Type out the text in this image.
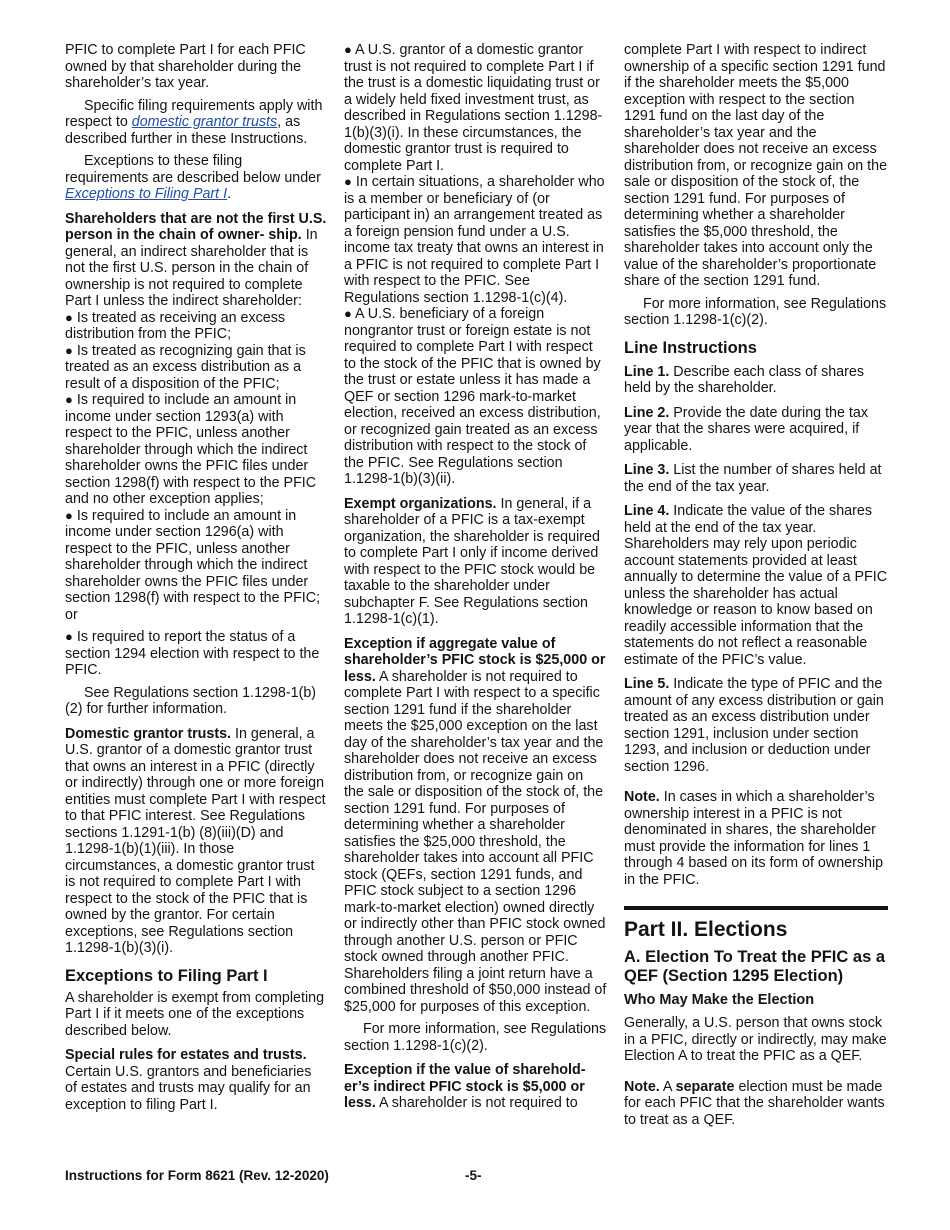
PFIC to complete Part I for each PFIC owned by that shareholder during the shareholder’s tax year.

Specific filing requirements apply with respect to domestic grantor trusts, as described further in these Instructions.

Exceptions to these filing requirements are described below under Exceptions to Filing Part I.

Shareholders that are not the first U.S. person in the chain of owner- ship. In general, an indirect shareholder that is not the first U.S. person in the chain of ownership is not required to complete Part I unless the indirect shareholder:

● Is treated as receiving an excess distribution from the PFIC;

● Is treated as recognizing gain that is treated as an excess distribution as a result of a disposition of the PFIC;

● Is required to include an amount in income under section 1293(a) with respect to the PFIC, unless another shareholder through which the indirect shareholder owns the PFIC files under section 1298(f) with respect to the PFIC and no other exception applies;

● Is required to include an amount in income under section 1296(a) with respect to the PFIC, unless another shareholder through which the indirect shareholder owns the PFIC files under section 1298(f) with respect to the PFIC; or

● Is required to report the status of a section 1294 election with respect to the PFIC.

See Regulations section 1.1298-1(b) (2) for further information.

Domestic grantor trusts. In general, a U.S. grantor of a domestic grantor trust that owns an interest in a PFIC (directly or indirectly) through one or more foreign entities must complete Part I with respect to that PFIC interest. See Regulations sections 1.1291-1(b) (8)(iii)(D) and 1.1298-1(b)(1)(iii). In those circumstances, a domestic grantor trust is not required to complete Part I with respect to the stock of the PFIC that is owned by the grantor. For certain exceptions, see Regulations section 1.1298-1(b)(3)(i).

Exceptions to Filing Part I

A shareholder is exempt from completing Part I if it meets one of the exceptions described below.

Special rules for estates and trusts. Certain U.S. grantors and beneficiaries of estates and trusts may qualify for an exception to filing Part I.

● A U.S. grantor of a domestic grantor trust is not required to complete Part I if the trust is a domestic liquidating trust or a widely held fixed investment trust, as described in Regulations section 1.1298-1(b)(3)(i). In these circumstances, the domestic grantor trust is required to complete Part I.

● In certain situations, a shareholder who is a member or beneficiary of (or participant in) an arrangement treated as a foreign pension fund under a U.S. income tax treaty that owns an interest in a PFIC is not required to complete Part I with respect to the PFIC. See Regulations section 1.1298-1(c)(4).

● A U.S. beneficiary of a foreign nongrantor trust or foreign estate is not required to complete Part I with respect to the stock of the PFIC that is owned by the trust or estate unless it has made a QEF or section 1296 mark-to-market election, received an excess distribution, or recognized gain treated as an excess distribution with respect to the stock of the PFIC. See Regulations section 1.1298-1(b)(3)(ii).

Exempt organizations. In general, if a shareholder of a PFIC is a tax-exempt organization, the shareholder is required to complete Part I only if income derived with respect to the PFIC stock would be taxable to the shareholder under subchapter F. See Regulations section 1.1298-1(c)(1).

Exception if aggregate value of shareholder’s PFIC stock is $25,000 or less. A shareholder is not required to complete Part I with respect to a specific section 1291 fund if the shareholder meets the $25,000 exception on the last day of the shareholder’s tax year and the shareholder does not receive an excess distribution from, or recognize gain on the sale or disposition of the stock of, the section 1291 fund. For purposes of determining whether a shareholder satisfies the $25,000 threshold, the shareholder takes into account all PFIC stock (QEFs, section 1291 funds, and PFIC stock subject to a section 1296 mark-to-market election) owned directly or indirectly other than PFIC stock owned through another U.S. person or PFIC stock owned through another PFIC. Shareholders filing a joint return have a combined threshold of $50,000 instead of $25,000 for purposes of this exception.

For more information, see Regulations section 1.1298-1(c)(2).

Exception if the value of sharehold- er’s indirect PFIC stock is $5,000 or less. A shareholder is not required to

complete Part I with respect to indirect ownership of a specific section 1291 fund if the shareholder meets the $5,000 exception with respect to the section 1291 fund on the last day of the shareholder’s tax year and the shareholder does not receive an excess distribution from, or recognize gain on the sale or disposition of the stock of, the section 1291 fund. For purposes of determining whether a shareholder satisfies the $5,000 threshold, the shareholder takes into account only the value of the shareholder’s proportionate share of the section 1291 fund.

For more information, see Regulations section 1.1298-1(c)(2).

Line Instructions

Line 1. Describe each class of shares held by the shareholder.

Line 2. Provide the date during the tax year that the shares were acquired, if applicable.

Line 3. List the number of shares held at the end of the tax year.

Line 4. Indicate the value of the shares held at the end of the tax year. Shareholders may rely upon periodic account statements provided at least annually to determine the value of a PFIC unless the shareholder has actual knowledge or reason to know based on readily accessible information that the statements do not reflect a reasonable estimate of the PFIC’s value.

Line 5. Indicate the type of PFIC and the amount of any excess distribution or gain treated as an excess distribution under section 1291, inclusion under section 1293, and inclusion or deduction under section 1296.

Note. In cases in which a shareholder’s ownership interest in a PFIC is not denominated in shares, the shareholder must provide the information for lines 1 through 4 based on its form of ownership in the PFIC.

Part II. Elections
A. Election To Treat the PFIC as a QEF (Section 1295 Election)
Who May Make the Election

Generally, a U.S. person that owns stock in a PFIC, directly or indirectly, may make Election A to treat the PFIC as a QEF.

Note. A separate election must be made for each PFIC that the shareholder wants to treat as a QEF.

Instructions for Form 8621 (Rev. 12-2020)	-5-
